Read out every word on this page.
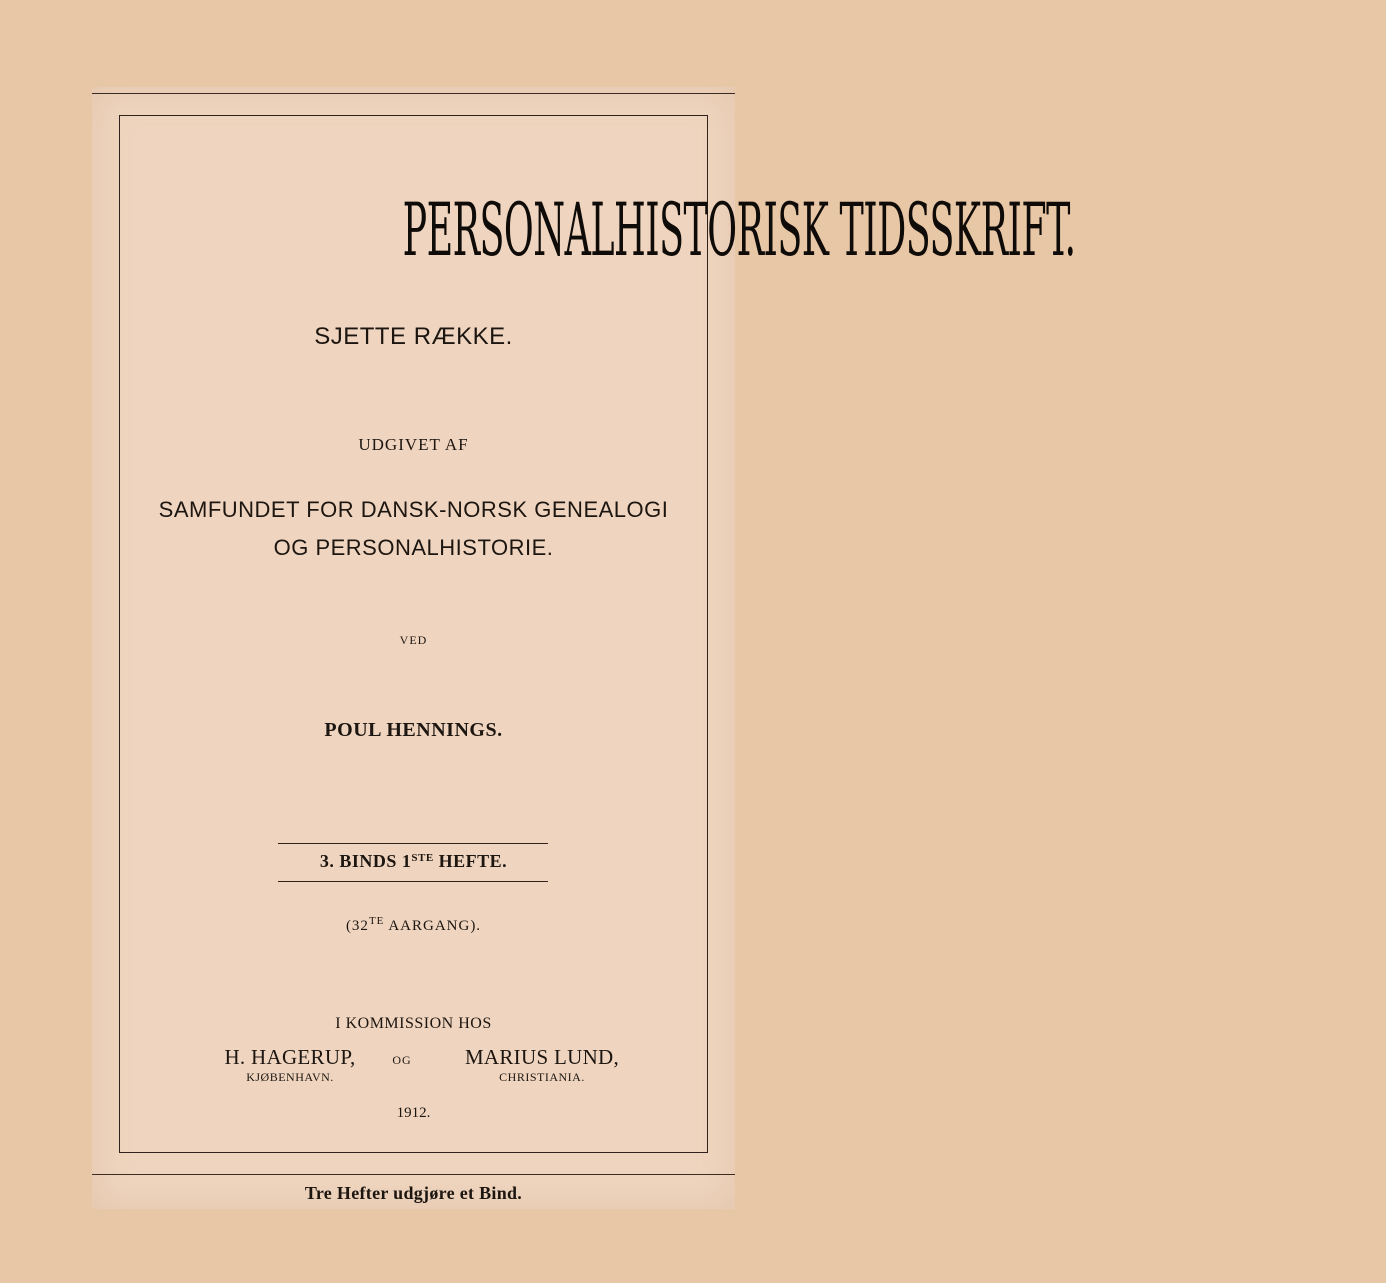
PERSONALHISTORISK TIDSSKRIFT.
SJETTE RÆKKE.
UDGIVET AF
SAMFUNDET FOR DANSK-NORSK GENEALOGI
OG PERSONALHISTORIE.
VED
POUL HENNINGS.
3. BINDS 1STE HEFTE.
($32^{TE}$ AARGANG).
I KOMMISSION HOS
H. HAGERUP,
KJØBENHAVN.
OG	MARIUS LUND,
CHRISTIANIA.
1912.
Tre Hefter udgjøre et Bind.
